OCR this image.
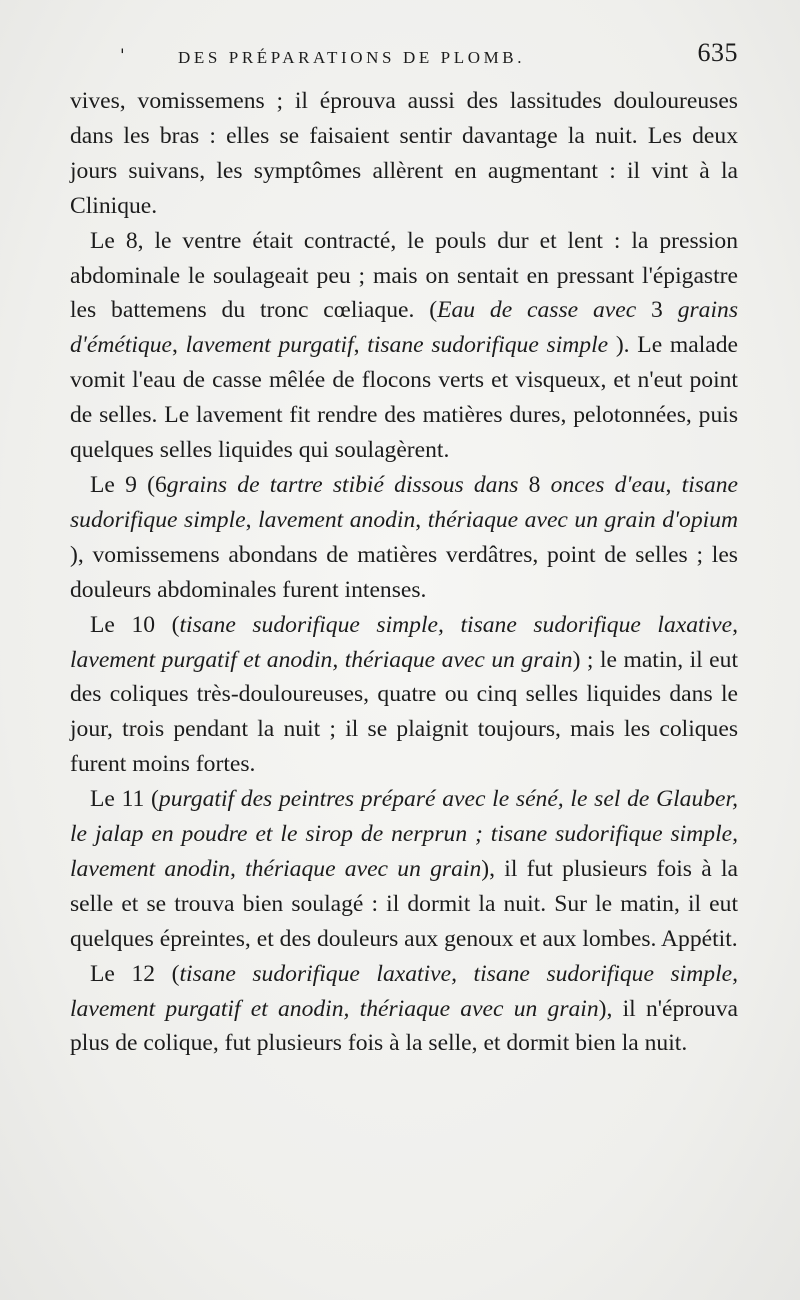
'	DES PRÉPARATIONS DE PLOMB.	635

vives, vomissemens ; il éprouva aussi des lassitudes douloureuses dans les bras : elles se faisaient sentir davantage la nuit. Les deux jours suivans, les symptômes allèrent en augmentant : il vint à la Clinique.

Le 8, le ventre était contracté, le pouls dur et lent : la pression abdominale le soulageait peu ; mais on sentait en pressant l'épigastre les battemens du tronc cœliaque. (Eau de casse avec 3 grains d'émétique, lavement purgatif, tisane sudorifique simple ). Le malade vomit l'eau de casse mêlée de flocons verts et visqueux, et n'eut point de selles. Le lavement fit rendre des matières dures, pelotonnées, puis quelques selles liquides qui soulagèrent.

Le 9 (6grains de tartre stibié dissous dans 8 onces d'eau, tisane sudorifique simple, lavement anodin, thériaque avec un grain d'opium ), vomissemens abondans de matières verdâtres, point de selles ; les douleurs abdominales furent intenses.

Le 10 (tisane sudorifique simple, tisane sudorifique laxative, lavement purgatif et anodin, thériaque avec un grain) ; le matin, il eut des coliques très-douloureuses, quatre ou cinq selles liquides dans le jour, trois pendant la nuit ; il se plaignit toujours, mais les coliques furent moins fortes.

Le 11 (purgatif des peintres préparé avec le séné, le sel de Glauber, le jalap en poudre et le sirop de nerprun ; tisane sudorifique simple, lavement anodin, thériaque avec un grain), il fut plusieurs fois à la selle et se trouva bien soulagé : il dormit la nuit. Sur le matin, il eut quelques épreintes, et des douleurs aux genoux et aux lombes. Appétit.

Le 12 (tisane sudorifique laxative, tisane sudorifique simple, lavement purgatif et anodin, thériaque avec un grain), il n'éprouva plus de colique, fut plusieurs fois à la selle, et dormit bien la nuit.
